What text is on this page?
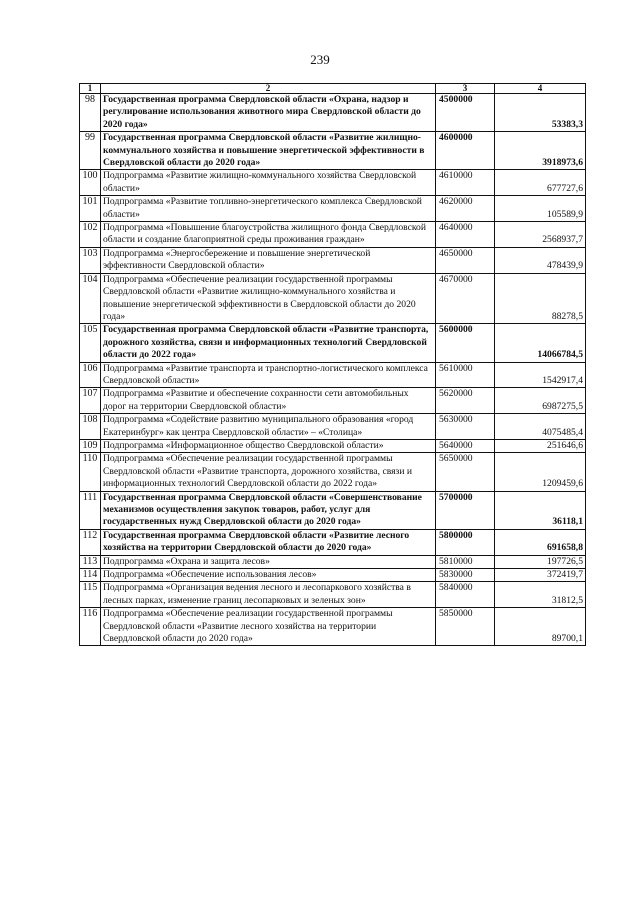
239
1	2	3	4
98	Государственная программа Свердловской области «Охрана, надзор и регулирование использования животного мира Свердловской области до 2020 года»	4500000	53383,3
99	Государственная программа Свердловской области «Развитие жилищно-коммунального хозяйства и повышение энергетической эффективности в Свердловской области до 2020 года»	4600000	3918973,6
100	Подпрограмма «Развитие жилищно-коммунального хозяйства Свердловской области»	4610000	677727,6
101	Подпрограмма «Развитие топливно-энергетического комплекса Свердловской области»	4620000	105589,9
102	Подпрограмма «Повышение благоустройства жилищного фонда Свердловской области и создание благоприятной среды проживания граждан»	4640000	2568937,7
103	Подпрограмма «Энергосбережение и повышение энергетической эффективности Свердловской области»	4650000	478439,9
104	Подпрограмма «Обеспечение реализации государственной программы Свердловской области «Развитие жилищно-коммунального хозяйства и повышение энергетической эффективности в Свердловской области до 2020 года»	4670000	88278,5
105	Государственная программа Свердловской области «Развитие транспорта, дорожного хозяйства, связи и информационных технологий Свердловской области до 2022 года»	5600000	14066784,5
106	Подпрограмма «Развитие транспорта и транспортно-логистического комплекса Свердловской области»	5610000	1542917,4
107	Подпрограмма «Развитие и обеспечение сохранности сети автомобильных дорог на территории Свердловской области»	5620000	6987275,5
108	Подпрограмма «Содействие развитию муниципального образования «город Екатеринбург» как центра Свердловской области» – «Столица»	5630000	4075485,4
109	Подпрограмма «Информационное общество Свердловской области»	5640000	251646,6
110	Подпрограмма «Обеспечение реализации государственной программы Свердловской области «Развитие транспорта, дорожного хозяйства, связи и информационных технологий Свердловской области до 2022 года»	5650000	1209459,6
111	Государственная программа Свердловской области «Совершенствование механизмов осуществления закупок товаров, работ, услуг для государственных нужд Свердловской области до 2020 года»	5700000	36118,1
112	Государственная программа Свердловской области «Развитие лесного хозяйства на территории Свердловской области до 2020 года»	5800000	691658,8
113	Подпрограмма «Охрана и защита лесов»	5810000	197726,5
114	Подпрограмма «Обеспечение использования лесов»	5830000	372419,7
115	Подпрограмма «Организация ведения лесного и лесопаркового хозяйства в лесных парках, изменение границ лесопарковых и зеленых зон»	5840000	31812,5
116	Подпрограмма «Обеспечение реализации государственной программы Свердловской области «Развитие лесного хозяйства на территории Свердловской области до 2020 года»	5850000	89700,1
